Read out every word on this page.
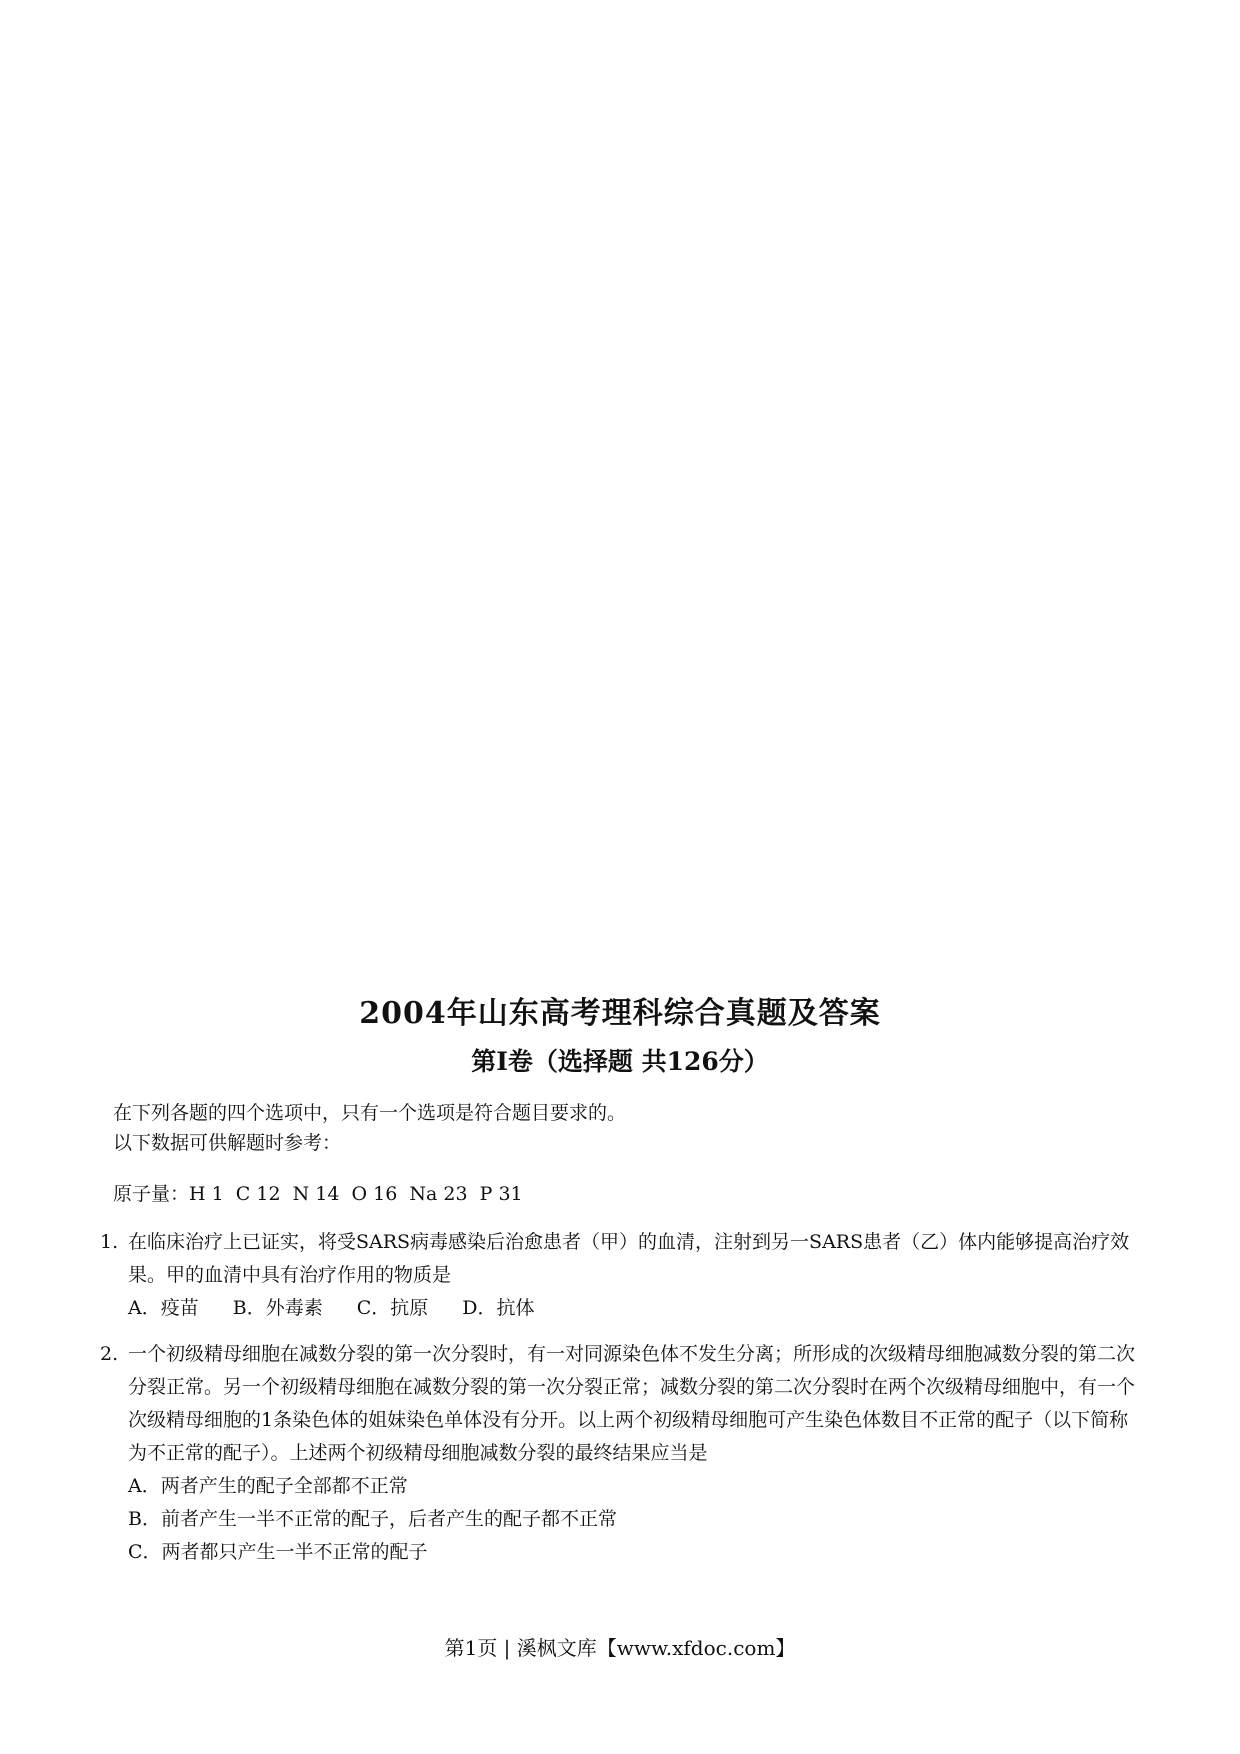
2004年山东高考理科综合真题及答案
第I卷（选择题 共126分）
在下列各题的四个选项中，只有一个选项是符合题目要求的。
以下数据可供解题时参考：
原子量：H 1  C 12  N 14  O 16  Na 23  P 31
1. 在临床治疗上已证实，将受SARS病毒感染后治愈患者（甲）的血清，注射到另一SARS患者（乙）体内能够提高治疗效果。甲的血清中具有治疗作用的物质是
A．疫苗 B．外毒素 C．抗原 D．抗体
2. 一个初级精母细胞在减数分裂的第一次分裂时，有一对同源染色体不发生分离；所形成的次级精母细胞减数分裂的第二次分裂正常。另一个初级精母细胞在减数分裂的第一次分裂正常；减数分裂的第二次分裂时在两个次级精母细胞中，有一个次级精母细胞的1条染色体的姐妹染色单体没有分开。以上两个初级精母细胞可产生染色体数目不正常的配子（以下简称为不正常的配子）。上述两个初级精母细胞减数分裂的最终结果应当是
A．两者产生的配子全部都不正常
B．前者产生一半不正常的配子，后者产生的配子都不正常
C．两者都只产生一半不正常的配子
第1页 | 溪枫文库【www.xfdoc.com】
